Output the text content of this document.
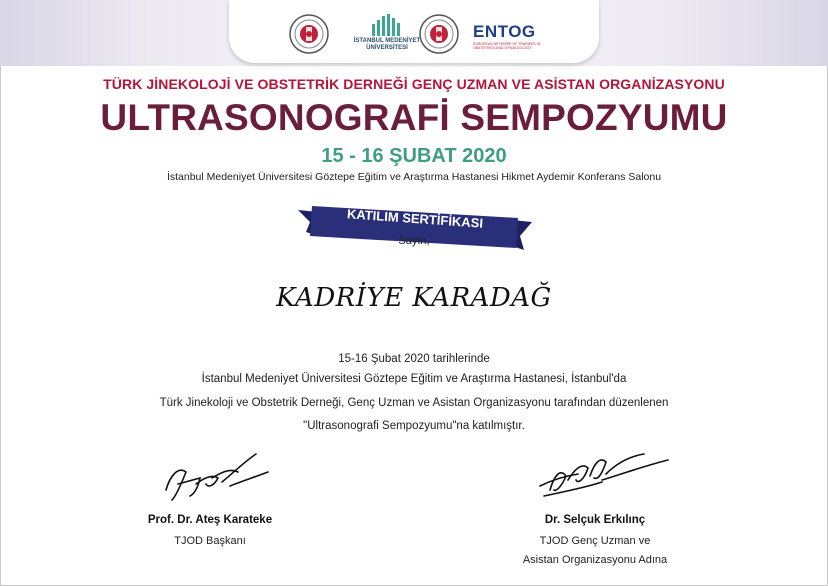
İSTANBUL MEDENİYET
ÜNİVERSİTESİ
ENTOG
EUROPEAN NETWORK OF TRAINEES IN OBSTETRICS AND GYNAECOLOGY
TÜRK JİNEKOLOJİ VE OBSTETRİK DERNEĞİ GENÇ UZMAN VE ASİSTAN ORGANİZASYONU
ULTRASONOGRAFİ SEMPOZYUMU
15 - 16 ŞUBAT 2020
İstanbul Medeniyet Üniversitesi Göztepe Eğitim ve Araştırma Hastanesi Hikmet Aydemir Konferans Salonu
KATILIM SERTİFİKASI
Sayın,
KADRİYE KARADAĞ
15-16 Şubat 2020 tarihlerinde
İstanbul Medeniyet Üniversitesi Göztepe Eğitim ve Araştırma Hastanesi, İstanbul'da
Türk Jinekoloji ve Obstetrik Derneği, Genç Uzman ve Asistan Organizasyonu tarafından düzenlenen
"Ultrasonografi Sempozyumu"na katılmıştır.
Prof. Dr. Ateş Karateke
TJOD Başkanı
Dr. Selçuk Erkılınç
TJOD Genç Uzman ve
Asistan Organizasyonu Adına
